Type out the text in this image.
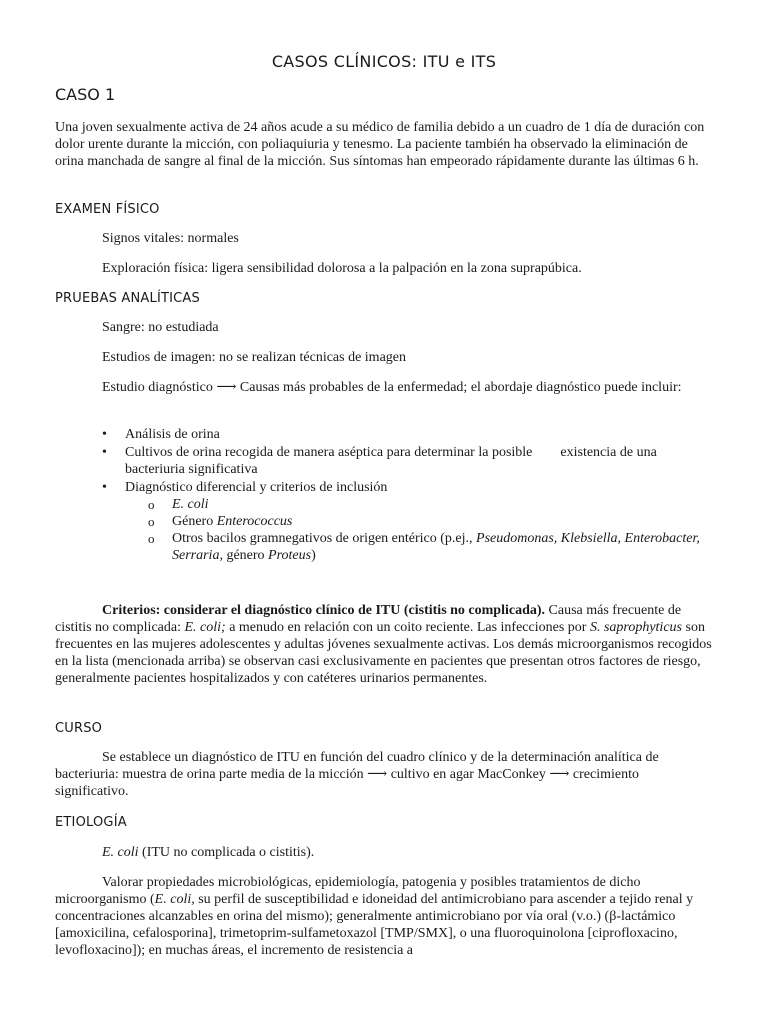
CASOS CLÍNICOS: ITU e ITS
CASO 1

Una joven sexualmente activa de 24 años acude a su médico de familia debido a un cuadro de 1 día de duración con dolor urente durante la micción, con poliaquiuria y tenesmo. La paciente también ha observado la eliminación de orina manchada de sangre al final de la micción. Sus síntomas han empeorado rápidamente durante las últimas 6 h.

EXAMEN FÍSICO

Signos vitales: normales

Exploración física: ligera sensibilidad dolorosa a la palpación en la zona suprapúbica.

PRUEBAS ANALÍTICAS

Sangre: no estudiada

Estudios de imagen: no se realizan técnicas de imagen

Estudio diagnóstico ⟶ Causas más probables de la enfermedad; el abordaje diagnóstico puede incluir:

• Análisis de orina
• Cultivos de orina recogida de manera aséptica para determinar la posible existencia de una bacteriuria significativa
• Diagnóstico diferencial y criterios de inclusión
o E. coli
o Género Enterococcus
o Otros bacilos gramnegativos de origen entérico (p.ej., Pseudomonas, Klebsiella, Enterobacter, Serraria, género Proteus)

Criterios: considerar el diagnóstico clínico de ITU (cistitis no complicada). Causa más frecuente de cistitis no complicada: E. coli; a menudo en relación con un coito reciente. Las infecciones por S. saprophyticus son frecuentes en las mujeres adolescentes y adultas jóvenes sexualmente activas. Los demás microorganismos recogidos en la lista (mencionada arriba) se observan casi exclusivamente en pacientes que presentan otros factores de riesgo, generalmente pacientes hospitalizados y con catéteres urinarios permanentes.

CURSO

Se establece un diagnóstico de ITU en función del cuadro clínico y de la determinación analítica de bacteriuria: muestra de orina parte media de la micción ⟶ cultivo en agar MacConkey ⟶ crecimiento significativo.

ETIOLOGÍA

E. coli (ITU no complicada o cistitis).

Valorar propiedades microbiológicas, epidemiología, patogenia y posibles tratamientos de dicho microorganismo (E. coli, su perfil de susceptibilidad e idoneidad del antimicrobiano para ascender a tejido renal y concentraciones alcanzables en orina del mismo); generalmente antimicrobiano por vía oral (v.o.) (β-lactámico [amoxicilina, cefalosporina], trimetoprim-sulfametoxazol [TMP/SMX], o una fluoroquinolona [ciprofloxacino, levofloxacino]); en muchas áreas, el incremento de resistencia a
